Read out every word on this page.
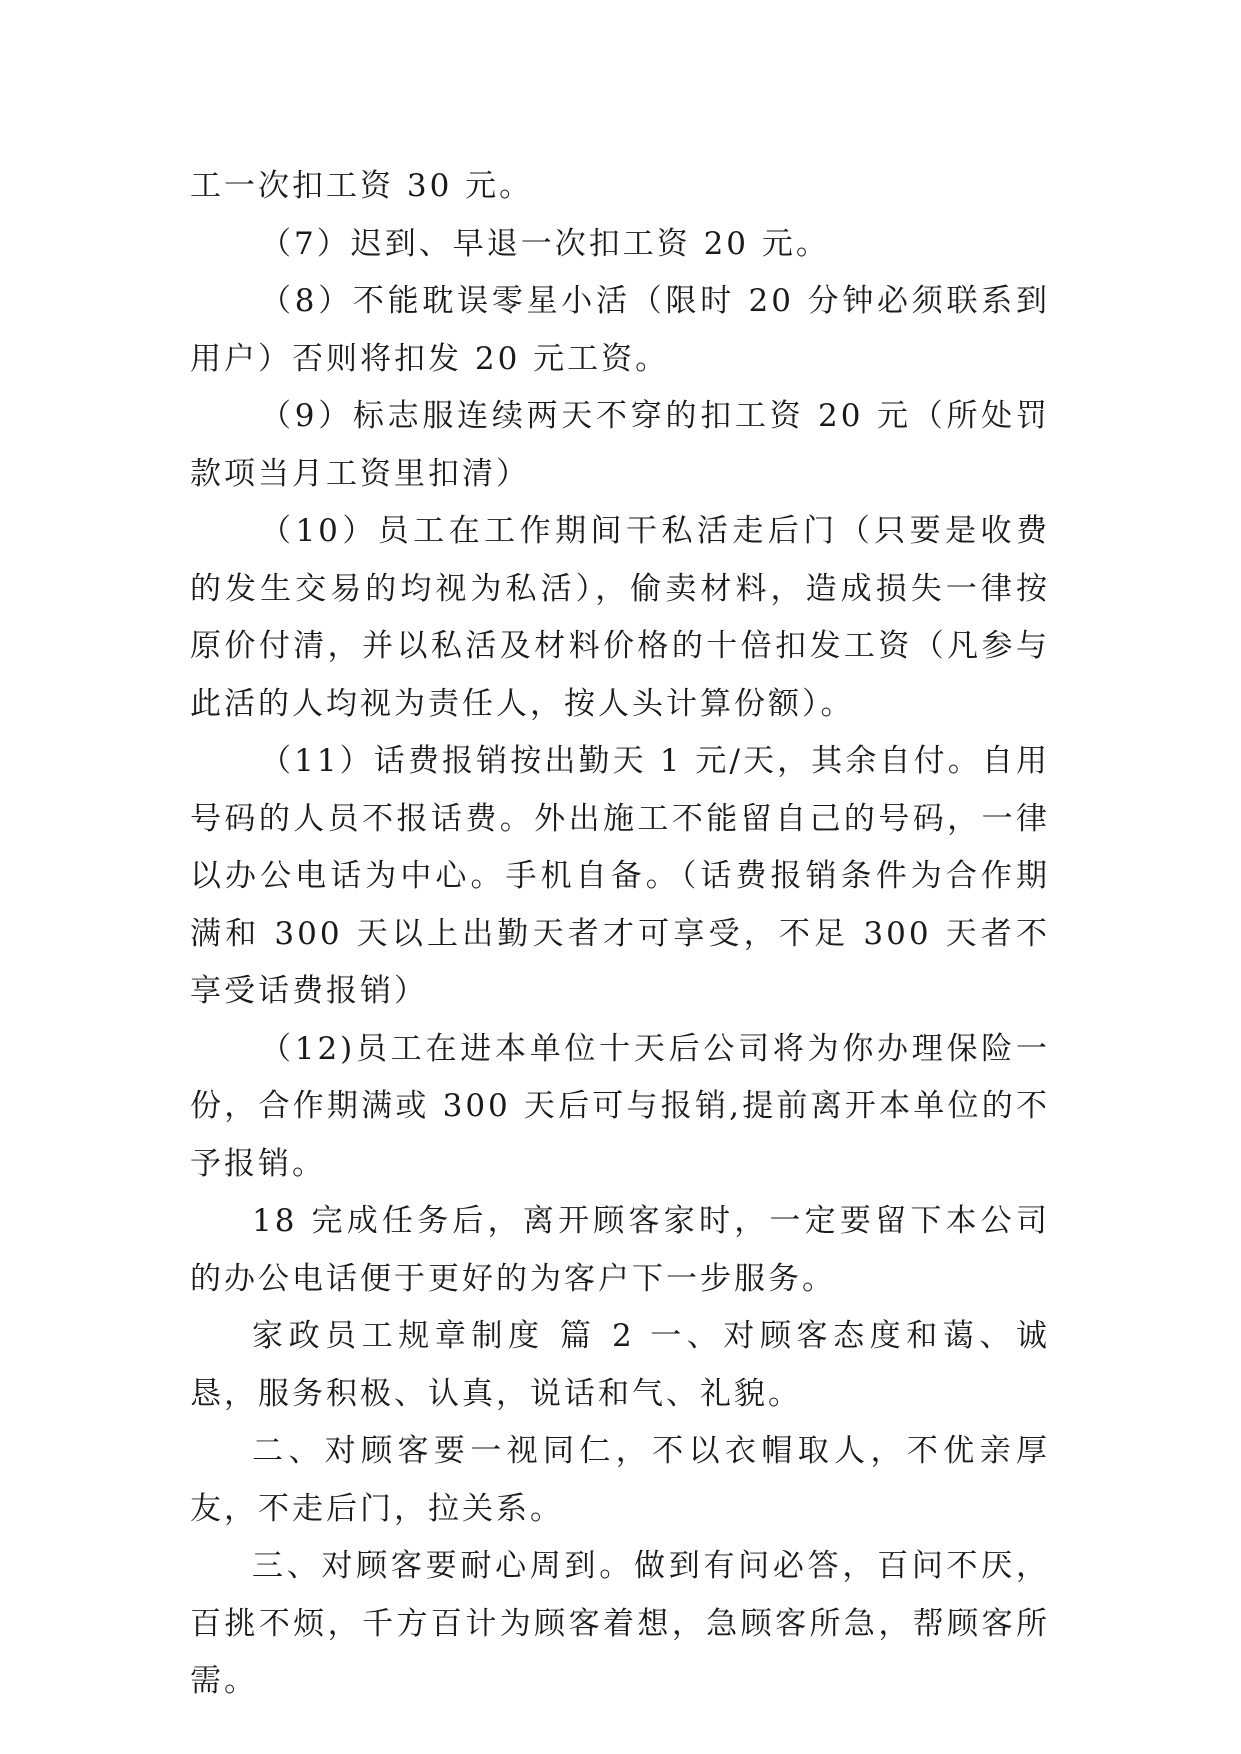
工一次扣工资 30 元。

（7）迟到、早退一次扣工资 20 元。

（8）不能耽误零星小活（限时 20 分钟必须联系到用户）否则将扣发 20 元工资。

（9）标志服连续两天不穿的扣工资 20 元（所处罚款项当月工资里扣清）

（10）员工在工作期间干私活走后门（只要是收费的发生交易的均视为私活），偷卖材料，造成损失一律按原价付清，并以私活及材料价格的十倍扣发工资（凡参与此活的人均视为责任人，按人头计算份额）。

（11）话费报销按出勤天 1 元/天，其余自付。自用号码的人员不报话费。外出施工不能留自己的号码，一律以办公电话为中心。手机自备。（话费报销条件为合作期满和 300 天以上出勤天者才可享受，不足 300 天者不享受话费报销）

（12)员工在进本单位十天后公司将为你办理保险一份，合作期满或 300 天后可与报销,提前离开本单位的不予报销。

18 完成任务后，离开顾客家时，一定要留下本公司的办公电话便于更好的为客户下一步服务。

家政员工规章制度 篇 2 一、对顾客态度和蔼、诚恳，服务积极、认真，说话和气、礼貌。

二、对顾客要一视同仁，不以衣帽取人，不优亲厚友，不走后门，拉关系。

三、对顾客要耐心周到。做到有问必答，百问不厌，百挑不烦，千方百计为顾客着想，急顾客所急，帮顾客所需。
